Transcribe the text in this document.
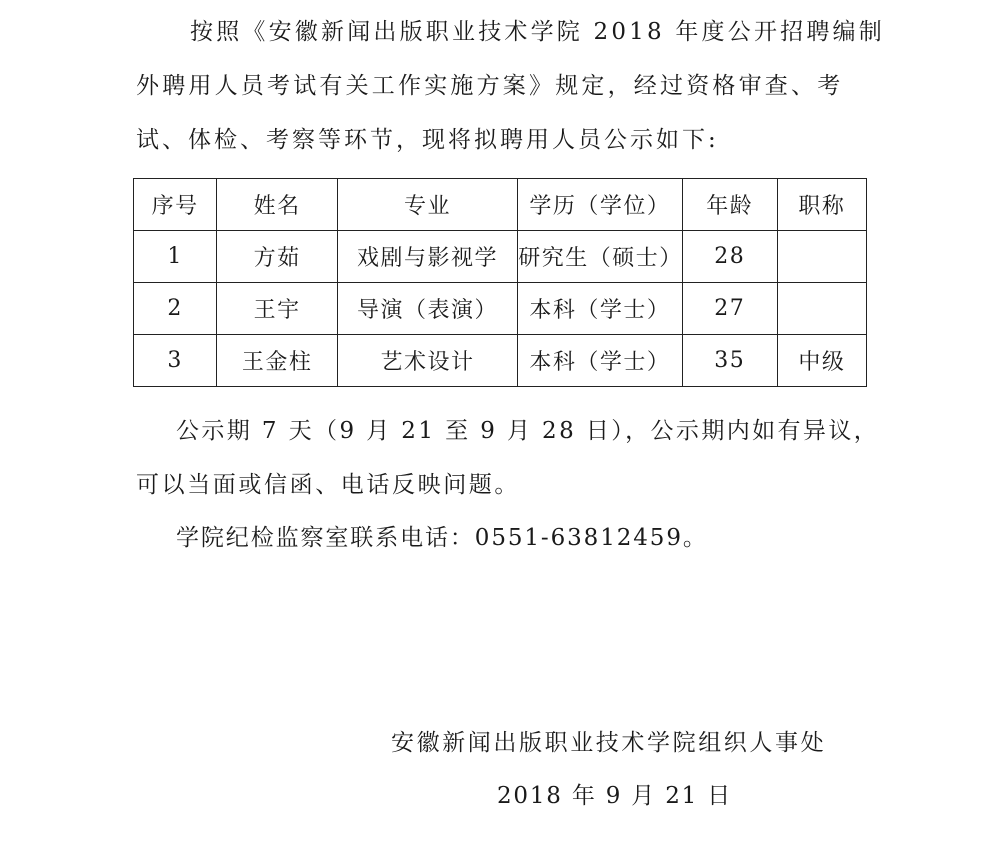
按照《安徽新闻出版职业技术学院 2018 年度公开招聘编制
外聘用人员考试有关工作实施方案》规定，经过资格审查、考
试、体检、考察等环节，现将拟聘用人员公示如下:
序号	姓名	专业	学历（学位）	年龄	职称
1	方茹	戏剧与影视学	研究生（硕士）	28	
2	王宇	导演（表演）	本科（学士）	27	
3	王金柱	艺术设计	本科（学士）	35	中级
公示期 7 天（9 月 21 至 9 月 28 日），公示期内如有异议，
可以当面或信函、电话反映问题。
学院纪检监察室联系电话：0551-63812459。
安徽新闻出版职业技术学院组织人事处
2018 年 9 月 21 日
